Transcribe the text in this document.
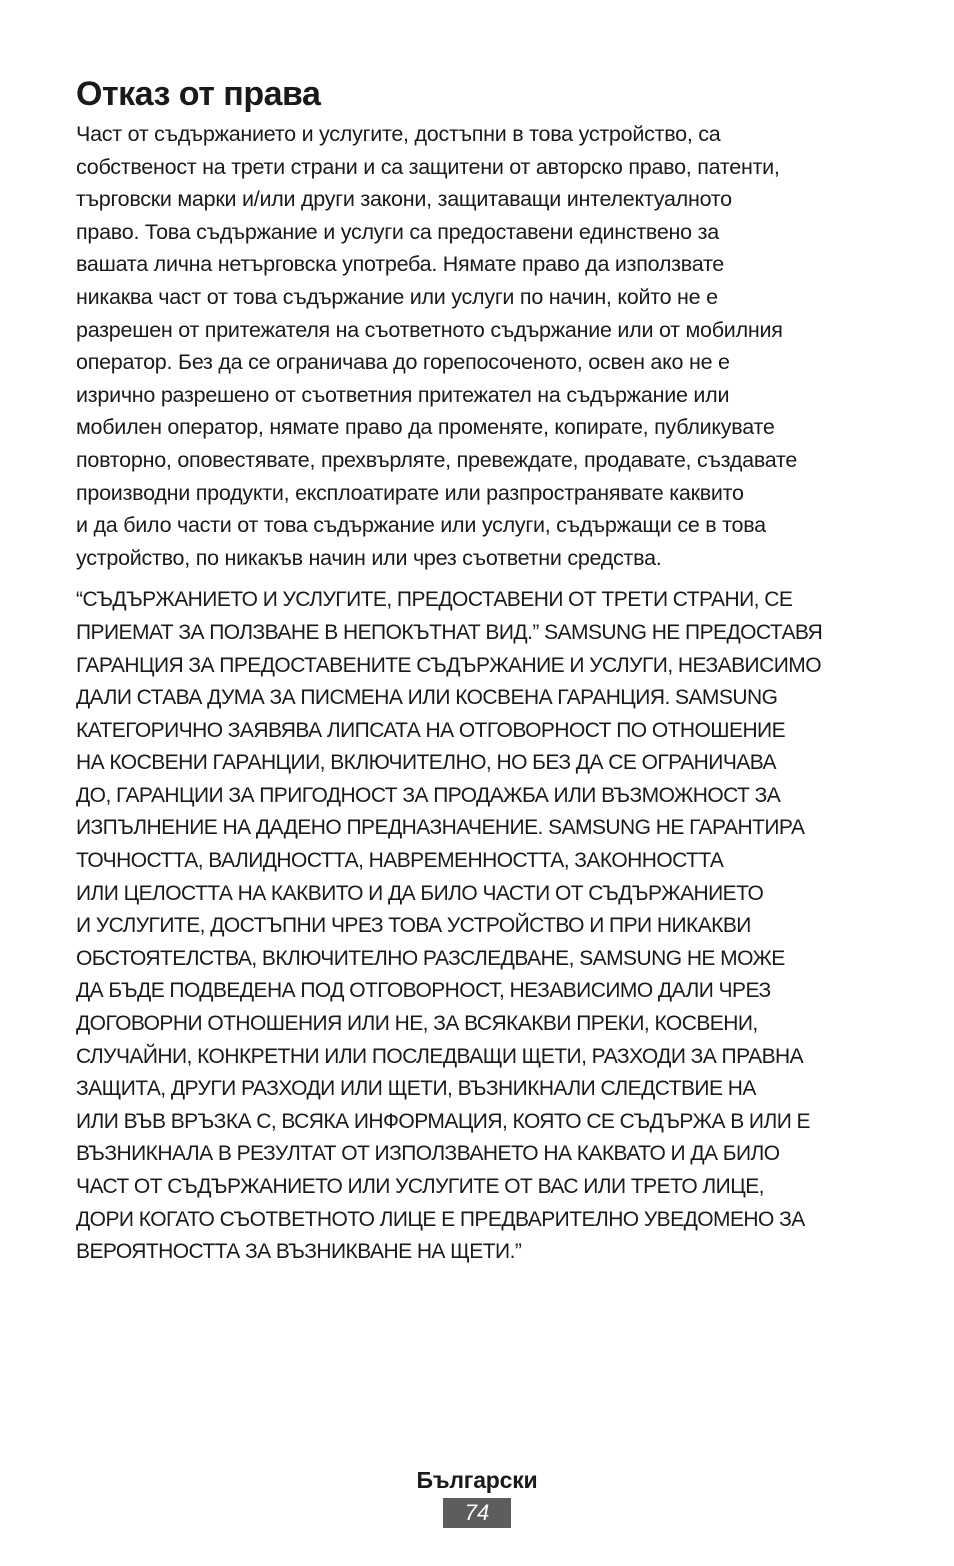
Отказ от права

Част от съдържанието и услугите, достъпни в това устройство, са
собственост на трети страни и са защитени от авторско право, патенти,
търговски марки и/или други закони, защитаващи интелектуалното
право. Това съдържание и услуги са предоставени единствено за
вашата лична нетърговска употреба. Нямате право да използвате
никаква част от това съдържание или услуги по начин, който не е
разрешен от притежателя на съответното съдържание или от мобилния
оператор. Без да се ограничава до горепосоченото, освен ако не е
изрично разрешено от съответния притежател на съдържание или
мобилен оператор, нямате право да променяте, копирате, публикувате
повторно, оповестявате, прехвърляте, превеждате, продавате, създавате
производни продукти, експлоатирате или разпространявате каквито
и да било части от това съдържание или услуги, съдържащи се в това
устройство, по никакъв начин или чрез съответни средства.

“СЪДЪРЖАНИЕТО И УСЛУГИТЕ, ПРЕДОСТАВЕНИ ОТ ТРЕТИ СТРАНИ, СЕ
ПРИЕМАТ ЗА ПОЛЗВАНЕ В НЕПОКЪТНАТ ВИД.” SAMSUNG НЕ ПРЕДОСТАВЯ
ГАРАНЦИЯ ЗА ПРЕДОСТАВЕНИТЕ СЪДЪРЖАНИЕ И УСЛУГИ, НЕЗАВИСИМО
ДАЛИ СТАВА ДУМА ЗА ПИСМЕНА ИЛИ КОСВЕНА ГАРАНЦИЯ. SAMSUNG
КАТЕГОРИЧНО ЗАЯВЯВА ЛИПСАТА НА ОТГОВОРНОСТ ПО ОТНОШЕНИЕ
НА КОСВЕНИ ГАРАНЦИИ, ВКЛЮЧИТЕЛНО, НО БЕЗ ДА СЕ ОГРАНИЧАВА
ДО, ГАРАНЦИИ ЗА ПРИГОДНОСТ ЗА ПРОДАЖБА ИЛИ ВЪЗМОЖНОСТ ЗА
ИЗПЪЛНЕНИЕ НА ДАДЕНО ПРЕДНАЗНАЧЕНИЕ. SAMSUNG НЕ ГАРАНТИРА
ТОЧНОСТТА, ВАЛИДНОСТТА, НАВРЕМЕННОСТТА, ЗАКОННОСТТА
ИЛИ ЦЕЛОСТТА НА КАКВИТО И ДА БИЛО ЧАСТИ ОТ СЪДЪРЖАНИЕТО
И УСЛУГИТЕ, ДОСТЪПНИ ЧРЕЗ ТОВА УСТРОЙСТВО И ПРИ НИКАКВИ
ОБСТОЯТЕЛСТВА, ВКЛЮЧИТЕЛНО РАЗСЛЕДВАНЕ, SAMSUNG НЕ МОЖЕ
ДА БЪДЕ ПОДВЕДЕНА ПОД ОТГОВОРНОСТ, НЕЗАВИСИМО ДАЛИ ЧРЕЗ
ДОГОВОРНИ ОТНОШЕНИЯ ИЛИ НЕ, ЗА ВСЯКАКВИ ПРЕКИ, КОСВЕНИ,
СЛУЧАЙНИ, КОНКРЕТНИ ИЛИ ПОСЛЕДВАЩИ ЩЕТИ, РАЗХОДИ ЗА ПРАВНА
ЗАЩИТА, ДРУГИ РАЗХОДИ ИЛИ ЩЕТИ, ВЪЗНИКНАЛИ СЛЕДСТВИЕ НА
ИЛИ ВЪВ ВРЪЗКА С, ВСЯКА ИНФОРМАЦИЯ, КОЯТО СЕ СЪДЪРЖА В ИЛИ Е
ВЪЗНИКНАЛА В РЕЗУЛТАТ ОТ ИЗПОЛЗВАНЕТО НА КАКВАТО И ДА БИЛО
ЧАСТ ОТ СЪДЪРЖАНИЕТО ИЛИ УСЛУГИТЕ ОТ ВАС ИЛИ ТРЕТО ЛИЦЕ,
ДОРИ КОГАТО СЪОТВЕТНОТО ЛИЦЕ Е ПРЕДВАРИТЕЛНО УВЕДОМЕНО ЗА
ВЕРОЯТНОСТТА ЗА ВЪЗНИКВАНЕ НА ЩЕТИ.”

Български
74
